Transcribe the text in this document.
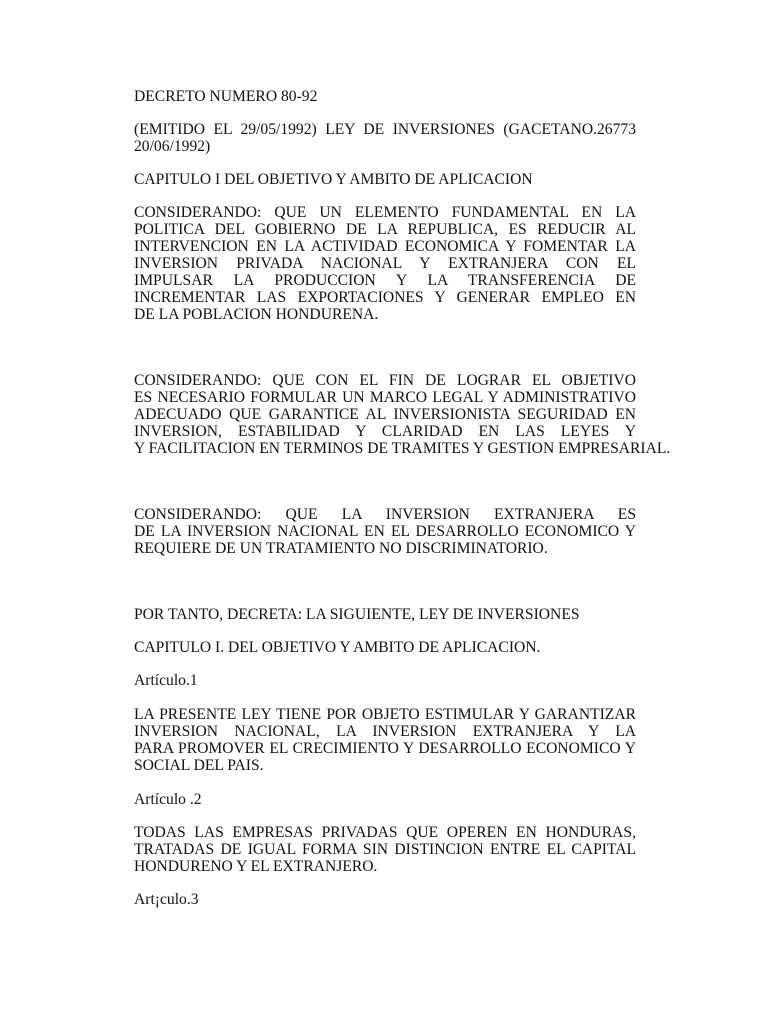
DECRETO NUMERO 80-92
(EMITIDO EL 29/05/1992) LEY DE INVERSIONES (GACETANO.26773
20/06/1992)
CAPITULO I DEL OBJETIVO Y AMBITO DE APLICACION
CONSIDERANDO: QUE UN ELEMENTO FUNDAMENTAL EN LA
POLITICA DEL GOBIERNO DE LA REPUBLICA, ES REDUCIR AL
INTERVENCION EN LA ACTIVIDAD ECONOMICA Y FOMENTAR LA
INVERSION PRIVADA NACIONAL Y EXTRANJERA CON EL
IMPULSAR LA PRODUCCION Y LA TRANSFERENCIA DE
INCREMENTAR LAS EXPORTACIONES Y GENERAR EMPLEO EN
DE LA POBLACION HONDURENA.
CONSIDERANDO: QUE CON EL FIN DE LOGRAR EL OBJETIVO
ES NECESARIO FORMULAR UN MARCO LEGAL Y ADMINISTRATIVO
ADECUADO QUE GARANTICE AL INVERSIONISTA SEGURIDAD EN
INVERSION, ESTABILIDAD Y CLARIDAD EN LAS LEYES Y
Y FACILITACION EN TERMINOS DE TRAMITES Y GESTION EMPRESARIAL.
CONSIDERANDO: QUE LA INVERSION EXTRANJERA ES
DE LA INVERSION NACIONAL EN EL DESARROLLO ECONOMICO Y
REQUIERE DE UN TRATAMIENTO NO DISCRIMINATORIO.
POR TANTO, DECRETA: LA SIGUIENTE, LEY DE INVERSIONES
CAPITULO I. DEL OBJETIVO Y AMBITO DE APLICACION.
Artículo.1
LA PRESENTE LEY TIENE POR OBJETO ESTIMULAR Y GARANTIZAR
INVERSION NACIONAL, LA INVERSION EXTRANJERA Y LA
PARA PROMOVER EL CRECIMIENTO Y DESARROLLO ECONOMICO Y
SOCIAL DEL PAIS.
Artículo .2
TODAS LAS EMPRESAS PRIVADAS QUE OPEREN EN HONDURAS,
TRATADAS DE IGUAL FORMA SIN DISTINCION ENTRE EL CAPITAL
HONDURENO Y EL EXTRANJERO.
Art¡culo.3
